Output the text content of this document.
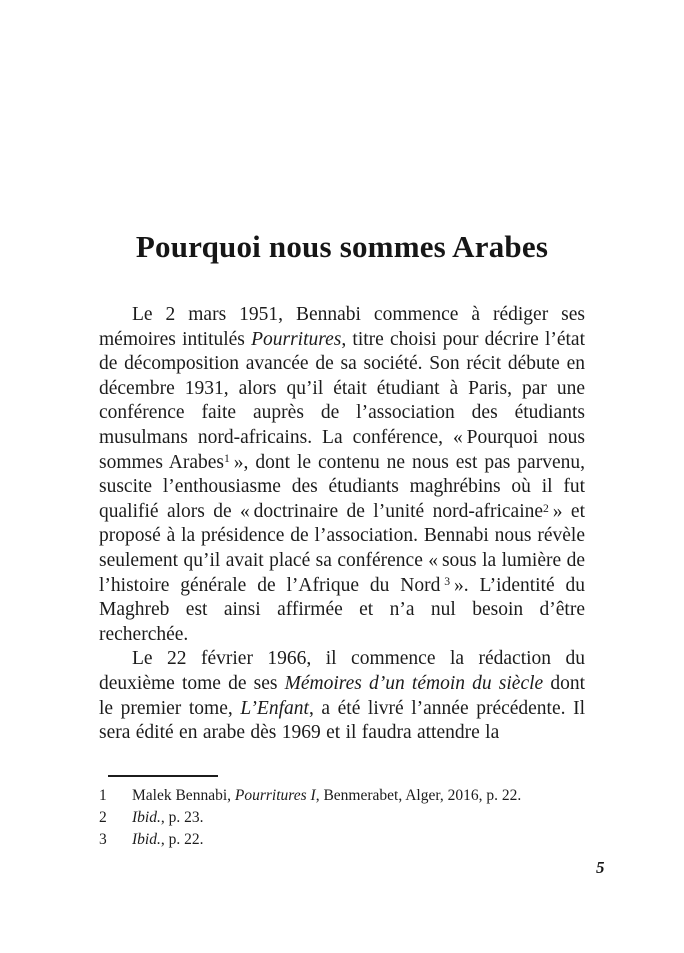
Pourquoi nous sommes Arabes

Le 2 mars 1951, Bennabi commence à rédiger ses mémoires intitulés Pourritures, titre choisi pour décrire l’état de décomposition avancée de sa société. Son récit débute en décembre 1931, alors qu’il était étudiant à Paris, par une conférence faite auprès de l’association des étudiants musulmans nord-africains. La conférence, « Pourquoi nous sommes Arabes$^1$ », dont le contenu ne nous est pas parvenu, suscite l’enthousiasme des étudiants maghrébins où il fut qualifié alors de « doctrinaire de l’unité nord-africaine$^2$ » et proposé à la présidence de l’association. Bennabi nous révèle seulement qu’il avait placé sa conférence « sous la lumière de l’histoire générale de l’Afrique du Nord $^3$ ». L’identité du Maghreb est ainsi affirmée et n’a nul besoin d’être recherchée.

Le 22 février 1966, il commence la rédaction du deuxième tome de ses Mémoires d’un témoin du siècle dont le premier tome, L’Enfant, a été livré l’année précédente. Il sera édité en arabe dès 1969 et il faudra attendre la

1	Malek Bennabi, Pourritures I, Benmerabet, Alger, 2016, p. 22.
2	Ibid., p. 23.
3	Ibid., p. 22.
5
